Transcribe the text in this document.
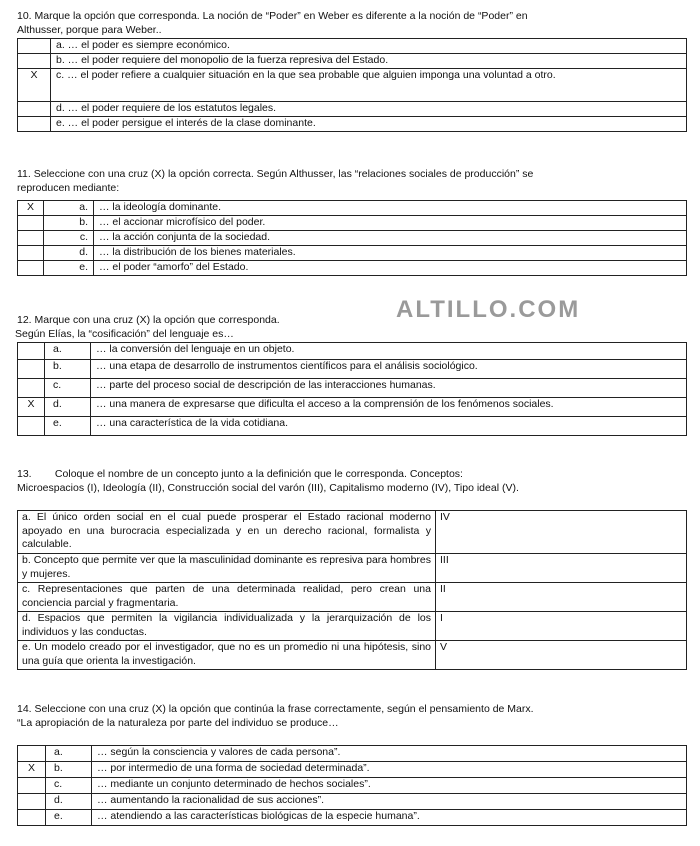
10. Marque la opción que corresponda. La noción de “Poder” en Weber es diferente a la noción de “Poder” en

Althusser, porque para Weber..

	a. … el poder es siempre económico.
	b. … el poder requiere del monopolio de la fuerza represiva del Estado.
X	c. … el poder refiere a cualquier situación en la que sea probable que alguien imponga una voluntad a otro.
	d. … el poder requiere de los estatutos legales.
	e. … el poder persigue el interés de la clase dominante.

11. Seleccione con una cruz (X) la opción correcta. Según Althusser, las “relaciones sociales de producción” se

reproducen mediante:

X	a.	… la ideología dominante.
	b.	… el accionar microfísico del poder.
	c.	… la acción conjunta de la sociedad.
	d.	… la distribución de los bienes materiales.
	e.	… el poder “amorfo” del Estado.
ALTILLO.COM

12. Marque con una cruz (X) la opción que corresponda.

Según Elías, la “cosificación” del lenguaje es…

	a.	… la conversión del lenguaje en un objeto.
	b.	… una etapa de desarrollo de instrumentos científicos para el análisis sociológico.
	c.	… parte del proceso social de descripción de las interacciones humanas.
X	d.	… una manera de expresarse que dificulta el acceso a la comprensión de los fenómenos sociales.
	e.	… una característica de la vida cotidiana.

13.        Coloque el nombre de un concepto junto a la definición que le corresponda. Conceptos:

Microespacios (I), Ideología (II), Construcción social del varón (III), Capitalismo moderno (IV), Tipo ideal (V).

a. El único orden social en el cual puede prosperar el Estado racional moderno apoyado en una burocracia especializada y en un derecho racional, formalista y calculable.	IV
b. Concepto que permite ver que la masculinidad dominante es represiva para hombres y mujeres.	III
c. Representaciones que parten de una determinada realidad, pero crean una conciencia parcial y fragmentaria.	II
d. Espacios que permiten la vigilancia individualizada y la jerarquización de los individuos y las conductas.	I
e. Un modelo creado por el investigador, que no es un promedio ni una hipótesis, sino una guía que orienta la investigación.	V

14. Seleccione con una cruz (X) la opción que continúa la frase correctamente, según el pensamiento de Marx.

“La apropiación de la naturaleza por parte del individuo se produce…

	a.	… según la consciencia y valores de cada persona”.
X	b.	… por intermedio de una forma de sociedad determinada”.
	c.	… mediante un conjunto determinado de hechos sociales”.
	d.	… aumentando la racionalidad de sus acciones”.
	e.	… atendiendo a las características biológicas de la especie humana”.
